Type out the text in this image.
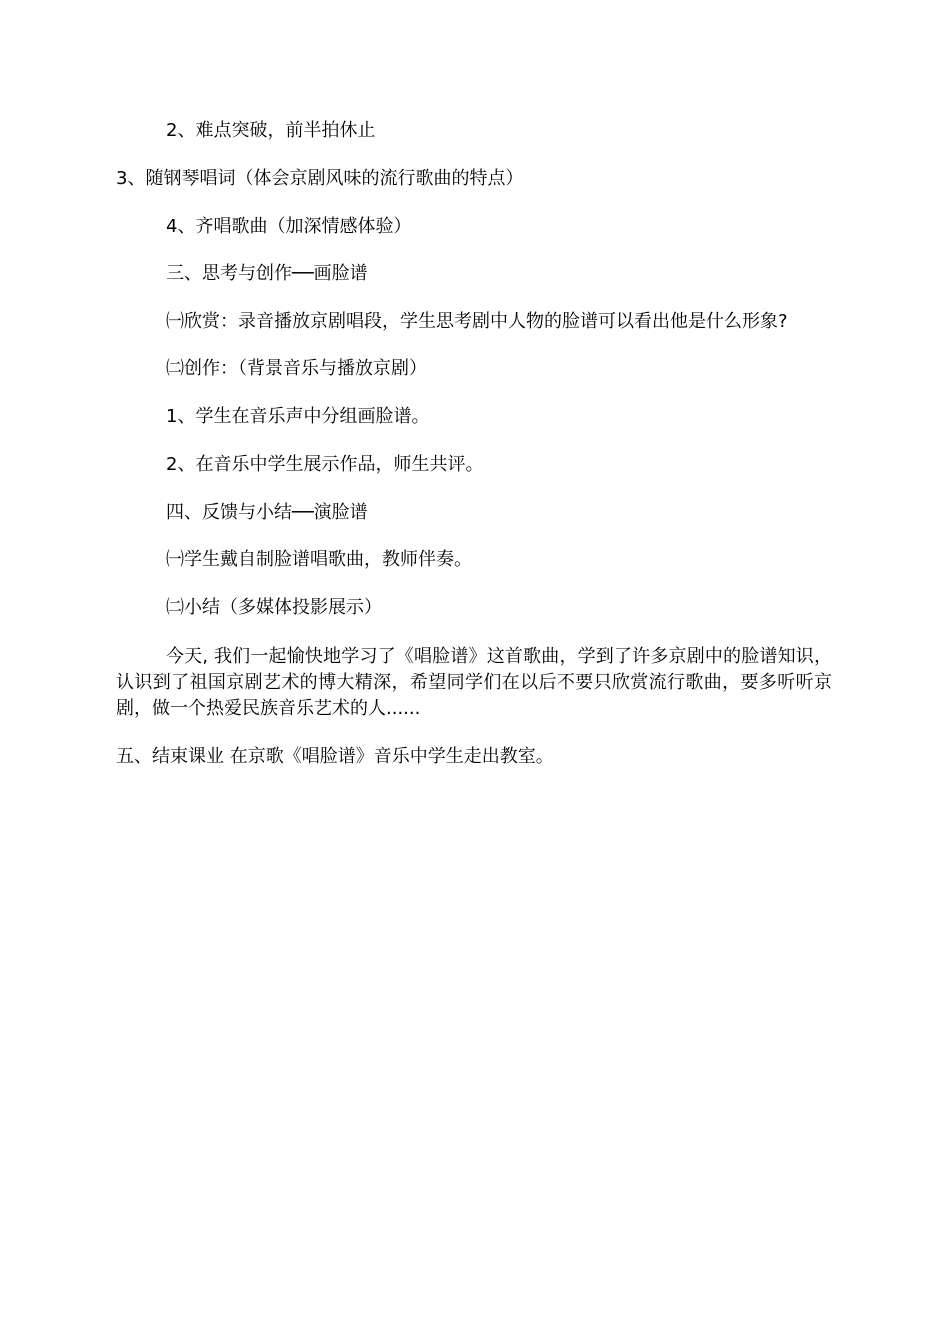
2、难点突破，前半拍休止
3、随钢琴唱词（体会京剧风味的流行歌曲的特点）
4、齐唱歌曲（加深情感体验）
三、思考与创作──画脸谱
㈠欣赏：录音播放京剧唱段，学生思考剧中人物的脸谱可以看出他是什么形象?
㈡创作：（背景音乐与播放京剧）
1、学生在音乐声中分组画脸谱。
2、在音乐中学生展示作品，师生共评。
四、反馈与小结──演脸谱
㈠学生戴自制脸谱唱歌曲，教师伴奏。
㈡小结（多媒体投影展示）
今天, 我们一起愉快地学习了《唱脸谱》这首歌曲，学到了许多京剧中的脸谱知识，认识到了祖国京剧艺术的博大精深，希望同学们在以后不要只欣赏流行歌曲，要多听听京剧，做一个热爱民族音乐艺术的人......
五、结束课业 在京歌《唱脸谱》音乐中学生走出教室。
